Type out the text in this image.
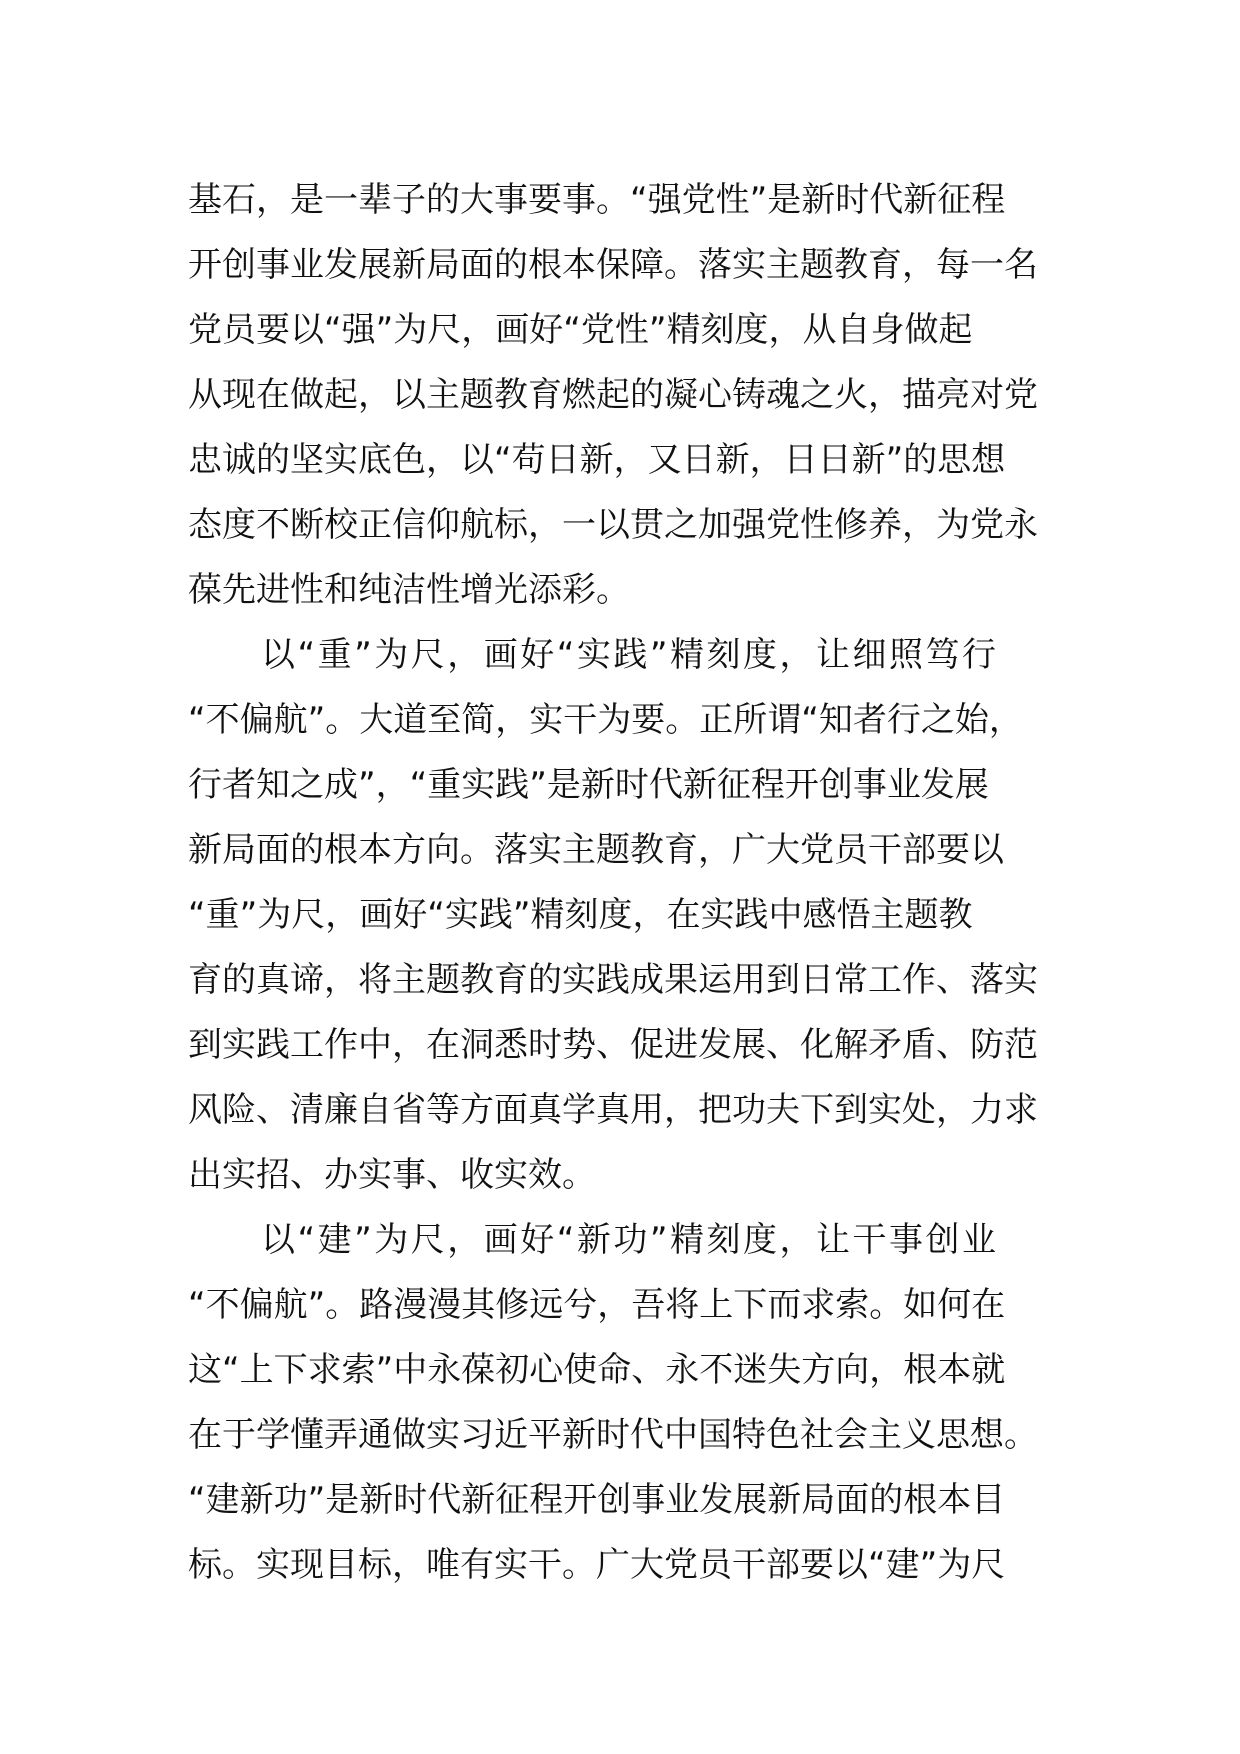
基石，是一辈子的大事要事。“强党性”是新时代新征程
开创事业发展新局面的根本保障。落实主题教育，每一名
党员要以“强”为尺，画好“党性”精刻度，从自身做起
从现在做起，以主题教育燃起的凝心铸魂之火，描亮对党
忠诚的坚实底色，以“苟日新，又日新，日日新”的思想
态度不断校正信仰航标，一以贯之加强党性修养，为党永
葆先进性和纯洁性增光添彩。
　　以“重”为尺，画好“实践”精刻度，让细照笃行
“不偏航”。大道至简，实干为要。正所谓“知者行之始，
行者知之成”，“重实践”是新时代新征程开创事业发展
新局面的根本方向。落实主题教育，广大党员干部要以
“重”为尺，画好“实践”精刻度，在实践中感悟主题教
育的真谛，将主题教育的实践成果运用到日常工作、落实
到实践工作中，在洞悉时势、促进发展、化解矛盾、防范
风险、清廉自省等方面真学真用，把功夫下到实处，力求
出实招、办实事、收实效。
　　以“建”为尺，画好“新功”精刻度，让干事创业
“不偏航”。路漫漫其修远兮，吾将上下而求索。如何在
这“上下求索”中永葆初心使命、永不迷失方向，根本就
在于学懂弄通做实习近平新时代中国特色社会主义思想。
“建新功”是新时代新征程开创事业发展新局面的根本目
标。实现目标，唯有实干。广大党员干部要以“建”为尺
